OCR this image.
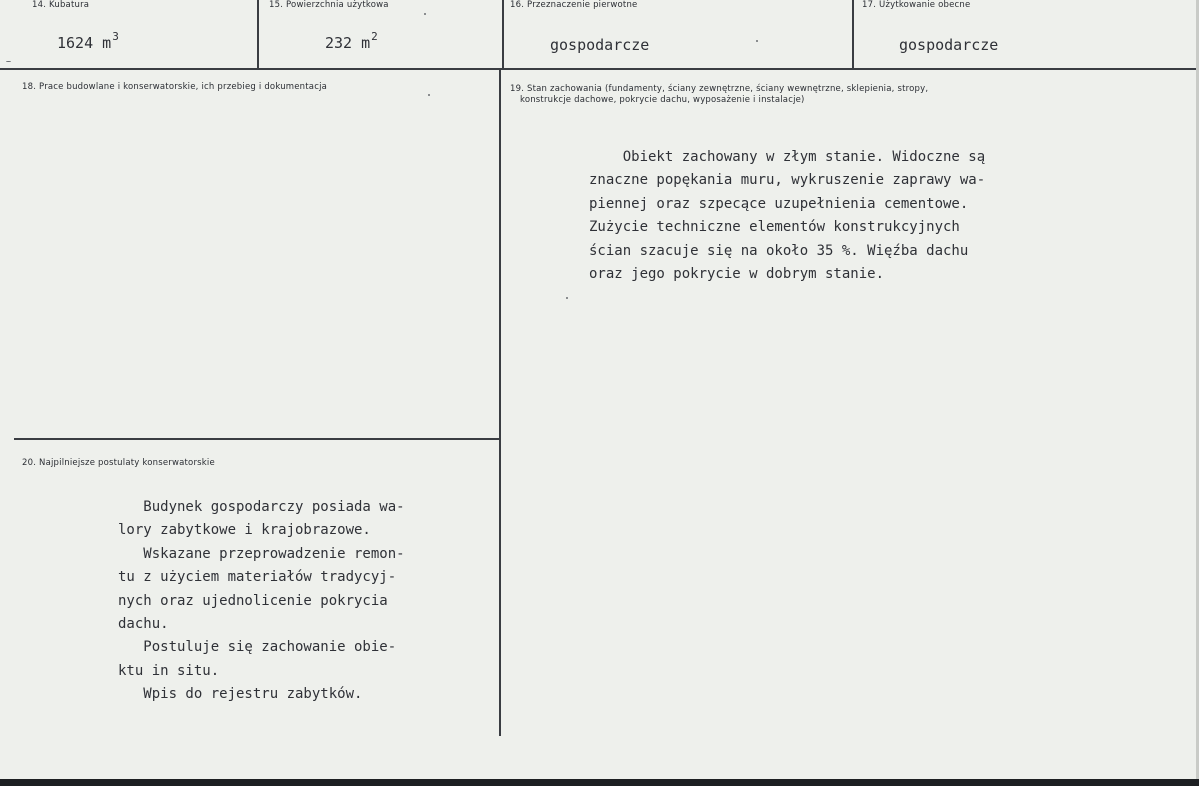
14. Kubatura
1624 $m^3$
15. Powierzchnia użytkowa
232 $m^2$
16. Przeznaczenie pierwotne
gospodarcze
17. Użytkowanie obecne
gospodarcze
18. Prace budowlane i konserwatorskie, ich przebieg i dokumentacja	19. Stan zachowania (fundamenty, ściany zewnętrzne, ściany wewnętrzne, sklepienia, stropy,
konstrukcje dachowe, pokrycie dachu, wyposażenie i instalacje)
Obiekt zachowany w złym stanie. Widoczne są
znaczne popękania muru, wykruszenie zaprawy wa-
piennej oraz szpecące uzupełnienia cementowe.
Zużycie techniczne elementów konstrukcyjnych
ścian szacuje się na około 35 %. Więźba dachu
oraz jego pokrycie w dobrym stanie.
20. Najpilniejsze postulaty konserwatorskie
Budynek gospodarczy posiada wa-
lory zabytkowe i krajobrazowe.
Wskazane przeprowadzenie remon-
tu z użyciem materiałów tradycyj-
nych oraz ujednolicenie pokrycia
dachu.
Postuluje się zachowanie obie-
ktu in situ.
Wpis do rejestru zabytków.
